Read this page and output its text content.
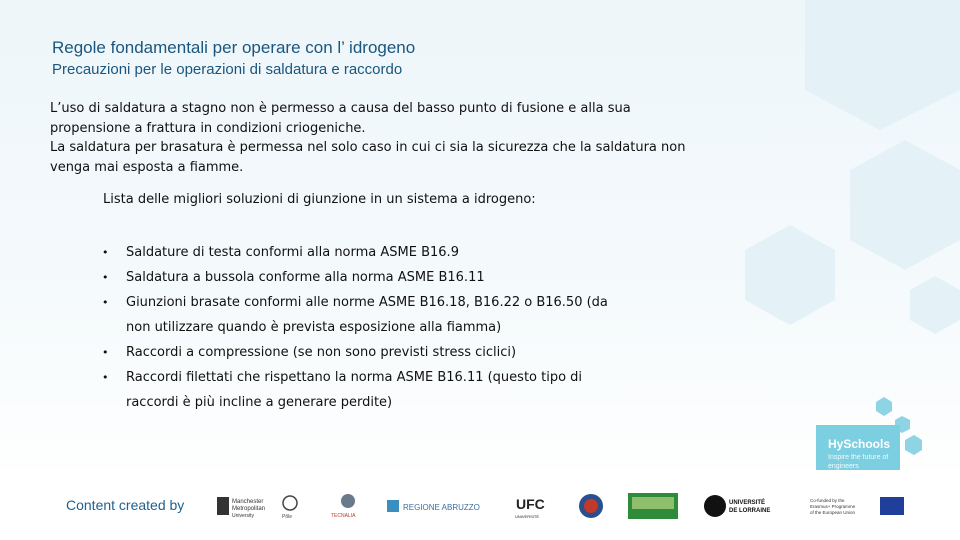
Regole fondamentali per operare con l’ idrogeno
Precauzioni per le operazioni di saldatura e raccordo

L’uso di saldatura a stagno non è permesso a causa del basso punto di fusione e alla sua propensione a frattura in condizioni criogeniche.

La saldatura per brasatura è permessa nel solo caso in cui ci sia la sicurezza che la saldatura non venga mai esposta a fiamme.

Lista delle migliori soluzioni di giunzione in un sistema a idrogeno:
• Saldature di testa conformi alla norma ASME B16.9
• Saldatura a bussola conforme alla norma ASME B16.11
• Giunzioni brasate conformi alle norme ASME B16.18, B16.22 o B16.50 (da non utilizzare quando è prevista esposizione alla fiamma)
• Raccordi a compressione (se non sono previsti stress ciclici)
• Raccordi filettati che rispettano la norma ASME B16.11 (questo tipo di raccordi è più incline a generare perdite)
HySchools
Inspire the future of engineers
Content created by	Manchester
Metropolitan
University	Pôle	TECNALIA
REGIONE ABRUZZO	UFC
UNIVERSITÉ
UNIVERSITÉ
DE LORRAINE
Co-funded by the
Erasmus+ Programme
of the European Union
